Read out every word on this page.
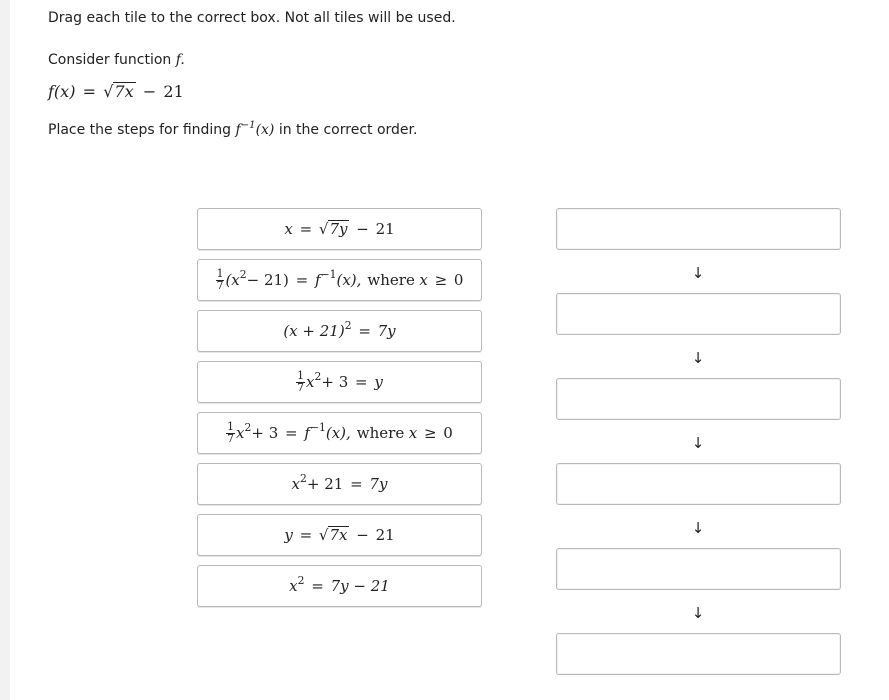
Drag each tile to the correct box. Not all tiles will be used.
Consider function f.
f(x) = √7x − 21
Place the steps for finding $f^{-1}(x)$ in the correct order.
x = √ 7y − 21
$\frac{1}{7} (x$ 2 − 21) = f −1 (x), where x ≥ 0
(x + 21) 2 = 7y
$\frac{1}{7}$ x 2 + 3 = y
$\frac{1}{7}$ x 2 + 3 = f −1 (x), where x ≥ 0
x 2 + 21 = 7y
y = √ 7x − 21
x 2 = 7y − 21
↓
↓
↓
↓
↓
